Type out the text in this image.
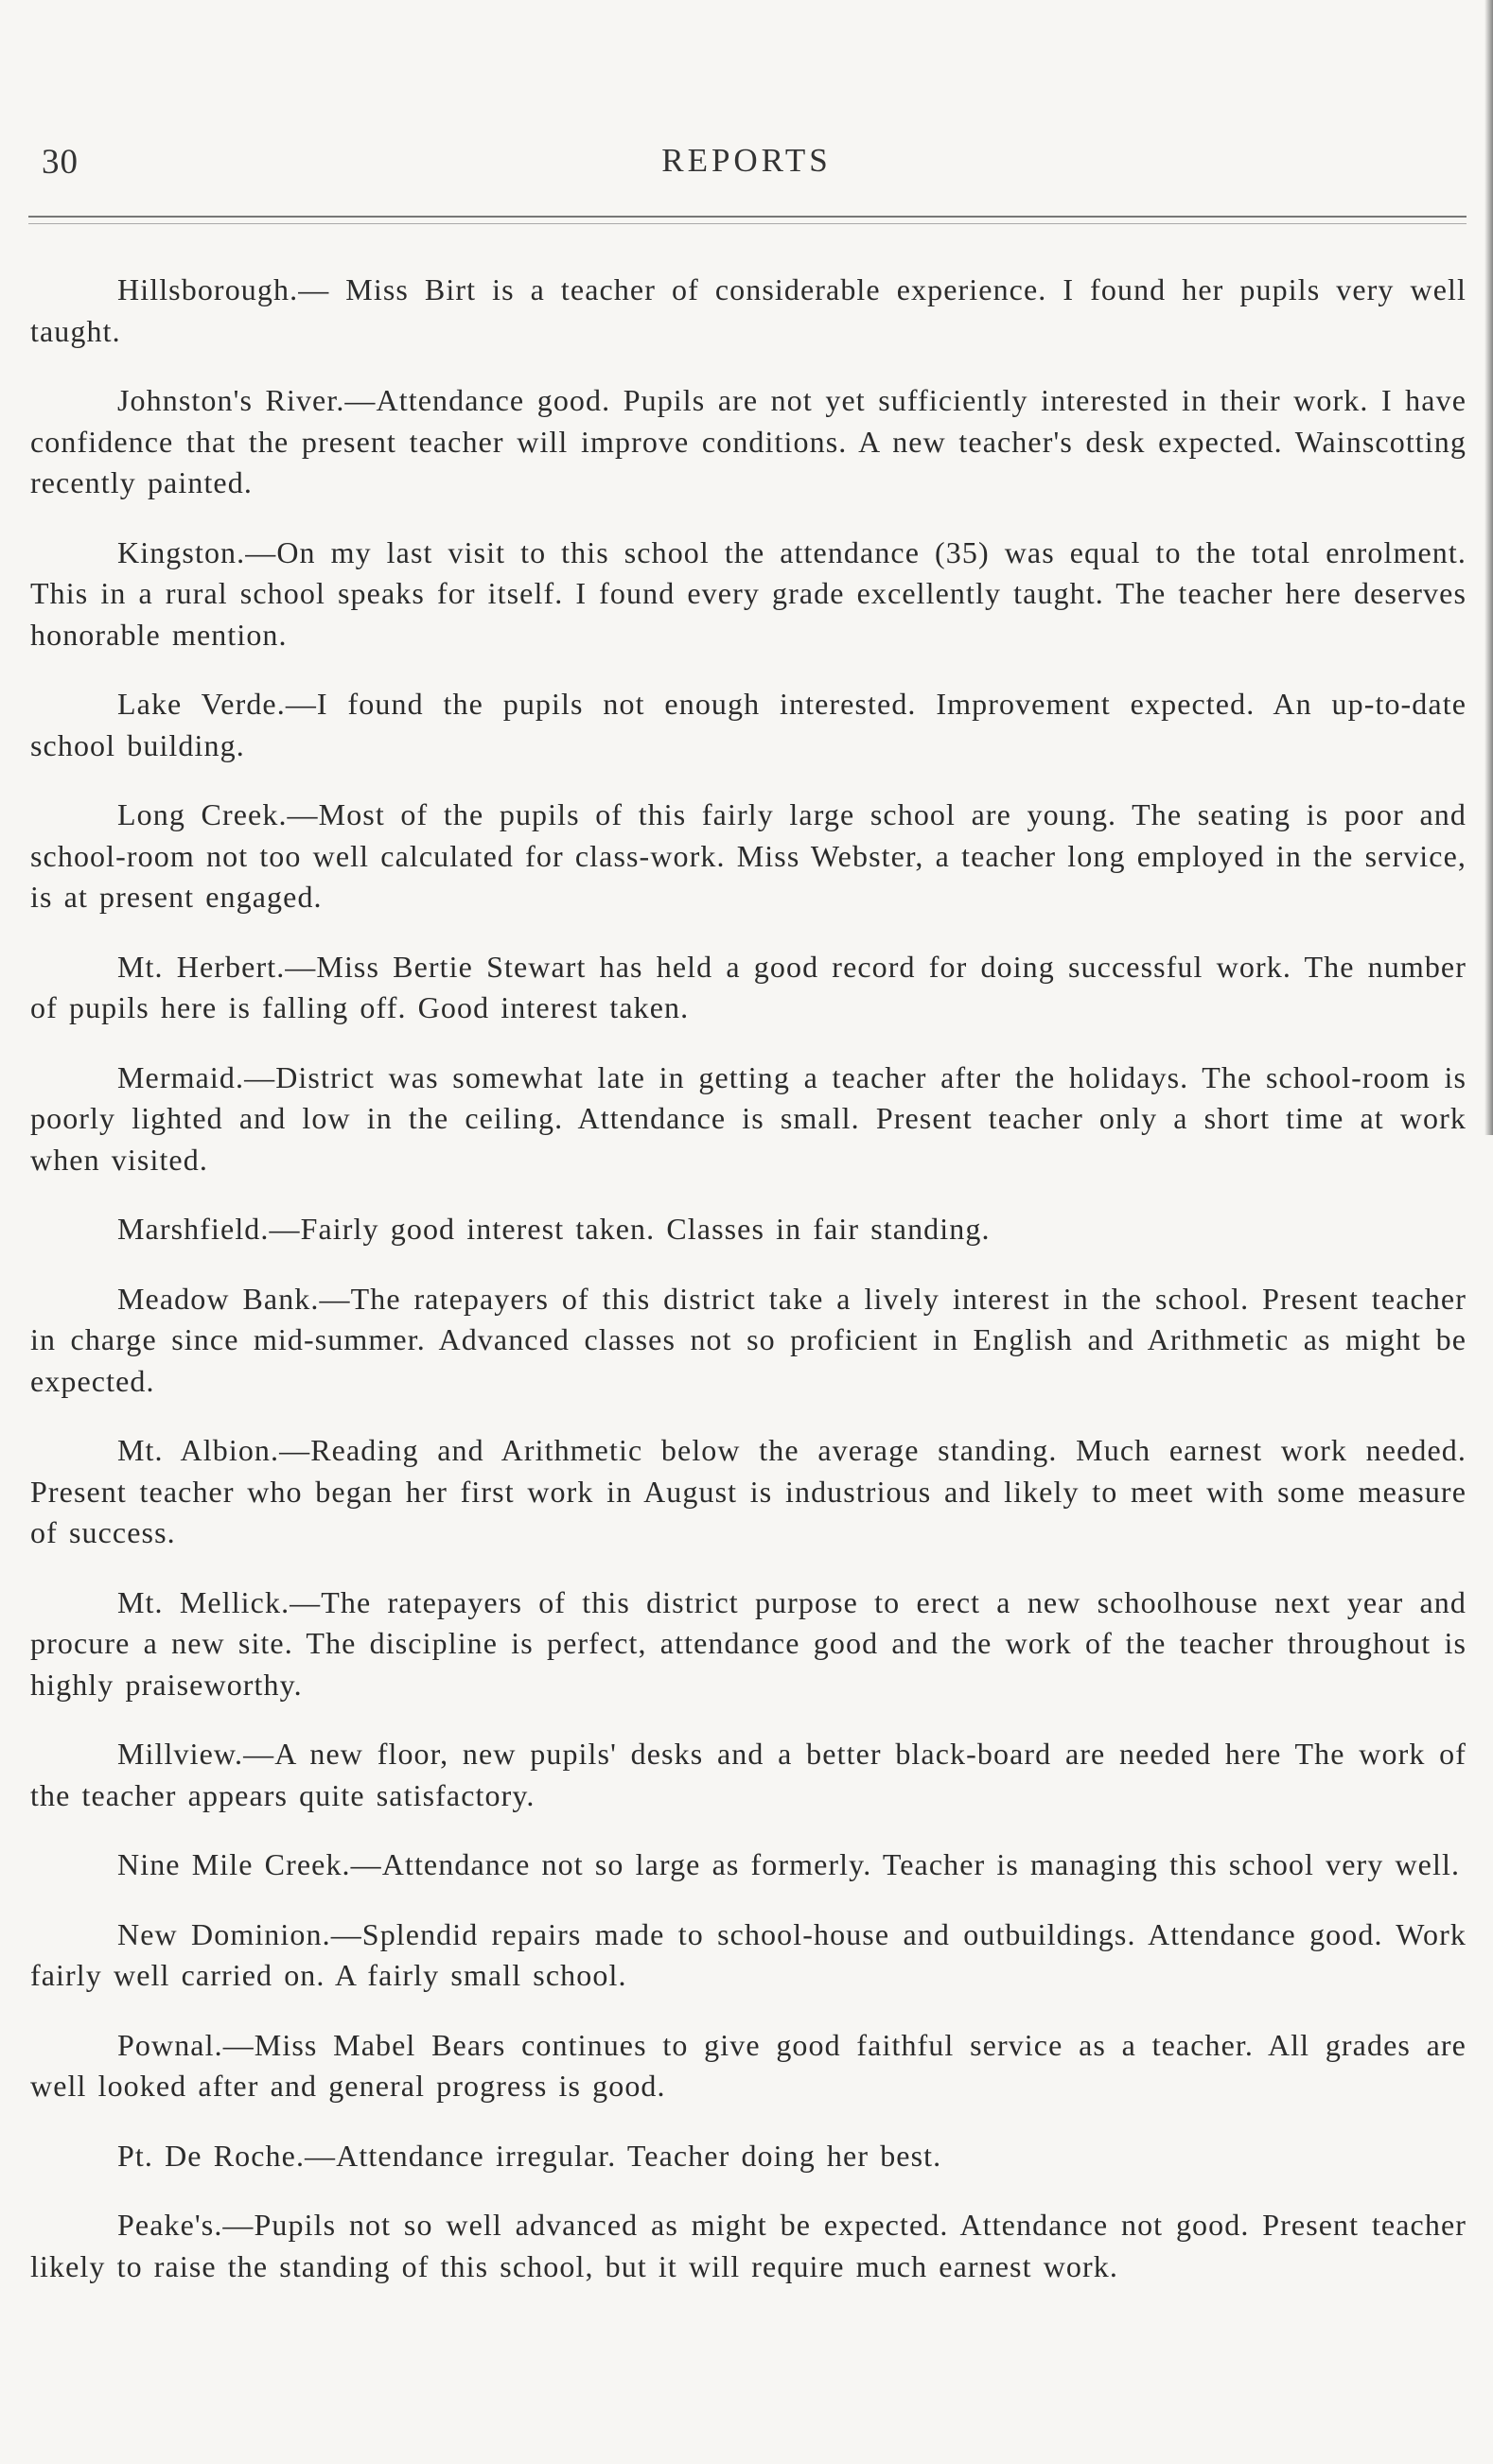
30	REPORTS

Hillsborough.— Miss Birt is a teacher of considerable experience. I found her pupils very well taught.

Johnston's River.—Attendance good. Pupils are not yet sufficiently interested in their work. I have confidence that the present teacher will improve conditions. A new teacher's desk expected. Wainscotting recently painted.

Kingston.—On my last visit to this school the attendance (35) was equal to the total enrolment. This in a rural school speaks for itself. I found every grade excellently taught. The teacher here deserves honorable mention.

Lake Verde.—I found the pupils not enough interested. Improvement expected. An up-to-date school building.

Long Creek.—Most of the pupils of this fairly large school are young. The seating is poor and school-room not too well calculated for class-work. Miss Webster, a teacher long employed in the service, is at present engaged.

Mt. Herbert.—Miss Bertie Stewart has held a good record for doing successful work. The number of pupils here is falling off. Good interest taken.

Mermaid.—District was somewhat late in getting a teacher after the holidays. The school-room is poorly lighted and low in the ceiling. Attendance is small. Present teacher only a short time at work when visited.

Marshfield.—Fairly good interest taken. Classes in fair standing.

Meadow Bank.—The ratepayers of this district take a lively interest in the school. Present teacher in charge since mid-summer. Advanced classes not so proficient in English and Arithmetic as might be expected.

Mt. Albion.—Reading and Arithmetic below the average standing. Much earnest work needed. Present teacher who began her first work in August is industrious and likely to meet with some measure of success.

Mt. Mellick.—The ratepayers of this district purpose to erect a new schoolhouse next year and procure a new site. The discipline is perfect, attendance good and the work of the teacher throughout is highly praiseworthy.

Millview.—A new floor, new pupils' desks and a better black-board are needed here The work of the teacher appears quite satisfactory.

Nine Mile Creek.—Attendance not so large as formerly. Teacher is managing this school very well.

New Dominion.—Splendid repairs made to school-house and outbuildings. Attendance good. Work fairly well carried on. A fairly small school.

Pownal.—Miss Mabel Bears continues to give good faithful service as a teacher. All grades are well looked after and general progress is good.

Pt. De Roche.—Attendance irregular. Teacher doing her best.

Peake's.—Pupils not so well advanced as might be expected. Attendance not good. Present teacher likely to raise the standing of this school, but it will require much earnest work.
